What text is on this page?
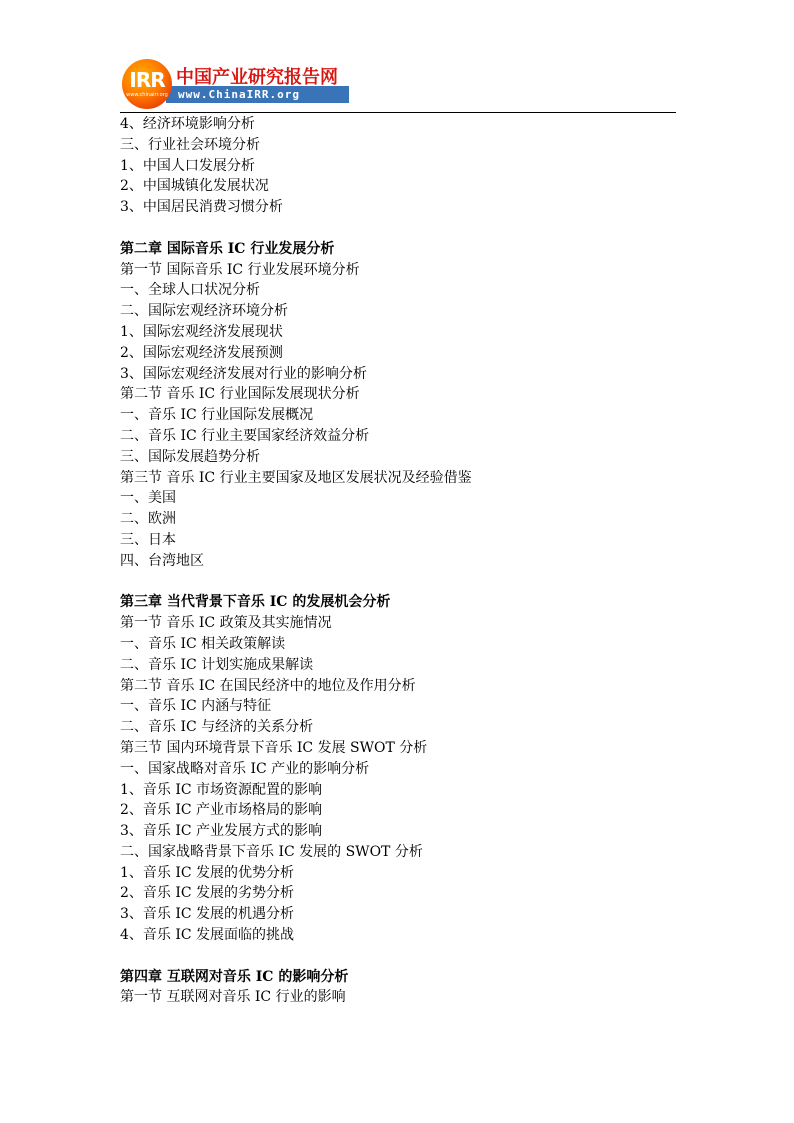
IRR
www.chinairr.org
中国产业研究报告网
www.ChinaIRR.org
4、经济环境影响分析
三、行业社会环境分析
1、中国人口发展分析
2、中国城镇化发展状况
3、中国居民消费习惯分析
第二章 国际音乐 IC 行业发展分析
第一节 国际音乐 IC 行业发展环境分析
一、全球人口状况分析
二、国际宏观经济环境分析
1、国际宏观经济发展现状
2、国际宏观经济发展预测
3、国际宏观经济发展对行业的影响分析
第二节 音乐 IC 行业国际发展现状分析
一、音乐 IC 行业国际发展概况
二、音乐 IC 行业主要国家经济效益分析
三、国际发展趋势分析
第三节 音乐 IC 行业主要国家及地区发展状况及经验借鉴
一、美国
二、欧洲
三、日本
四、台湾地区
第三章 当代背景下音乐 IC 的发展机会分析
第一节 音乐 IC 政策及其实施情况
一、音乐 IC 相关政策解读
二、音乐 IC 计划实施成果解读
第二节 音乐 IC 在国民经济中的地位及作用分析
一、音乐 IC 内涵与特征
二、音乐 IC 与经济的关系分析
第三节 国内环境背景下音乐 IC 发展 SWOT 分析
一、国家战略对音乐 IC 产业的影响分析
1、音乐 IC 市场资源配置的影响
2、音乐 IC 产业市场格局的影响
3、音乐 IC 产业发展方式的影响
二、国家战略背景下音乐 IC 发展的 SWOT 分析
1、音乐 IC 发展的优势分析
2、音乐 IC 发展的劣势分析
3、音乐 IC 发展的机遇分析
4、音乐 IC 发展面临的挑战
第四章 互联网对音乐 IC 的影响分析
第一节 互联网对音乐 IC 行业的影响
